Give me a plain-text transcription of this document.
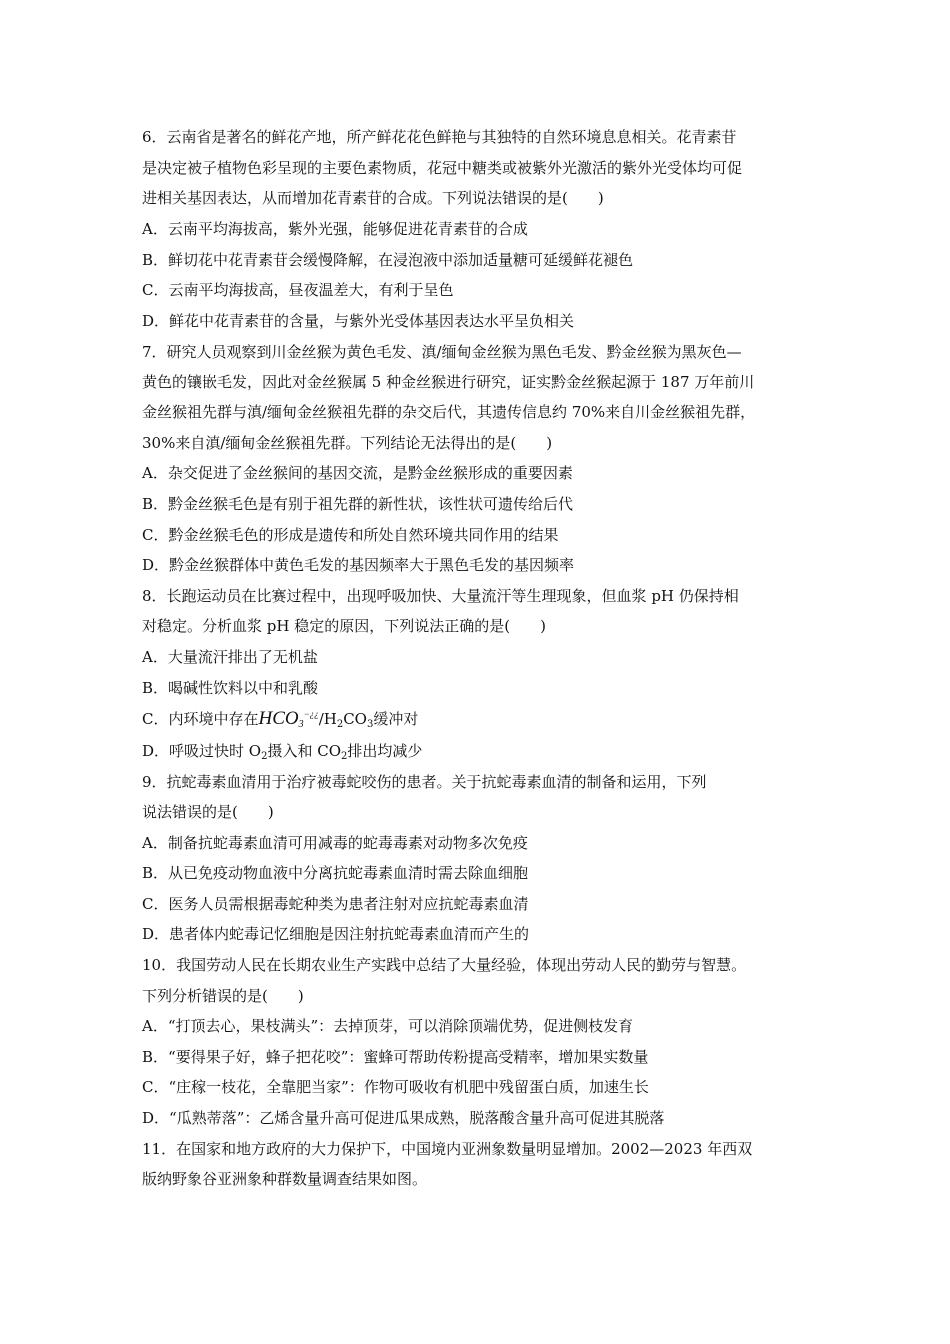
6．云南省是著名的鲜花产地，所产鲜花花色鲜艳与其独特的自然环境息息相关。花青素苷
是决定被子植物色彩呈现的主要色素物质，花冠中糖类或被紫外光激活的紫外光受体均可促
进相关基因表达，从而增加花青素苷的合成。下列说法错误的是(　　)
A．云南平均海拔高，紫外光强，能够促进花青素苷的合成
B．鲜切花中花青素苷会缓慢降解，在浸泡液中添加适量糖可延缓鲜花褪色
C．云南平均海拔高，昼夜温差大，有利于呈色
D．鲜花中花青素苷的含量，与紫外光受体基因表达水平呈负相关
7．研究人员观察到川金丝猴为黄色毛发、滇/缅甸金丝猴为黑色毛发、黔金丝猴为黑灰色—
黄色的镶嵌毛发，因此对金丝猴属 5 种金丝猴进行研究，证实黔金丝猴起源于 187 万年前川
金丝猴祖先群与滇/缅甸金丝猴祖先群的杂交后代，其遗传信息约 70%来自川金丝猴祖先群，
30%来自滇/缅甸金丝猴祖先群。下列结论无法得出的是(　　)
A．杂交促进了金丝猴间的基因交流，是黔金丝猴形成的重要因素
B．黔金丝猴毛色是有别于祖先群的新性状，该性状可遗传给后代
C．黔金丝猴毛色的形成是遗传和所处自然环境共同作用的结果
D．黔金丝猴群体中黄色毛发的基因频率大于黑色毛发的基因频率
8．长跑运动员在比赛过程中，出现呼吸加快、大量流汗等生理现象，但血浆 pH 仍保持相
对稳定。分析血浆 pH 稳定的原因，下列说法正确的是(　　)
A．大量流汗排出了无机盐
B．喝碱性饮料以中和乳酸
C．内环境中存在$HCO_3^{-¿¿}/H_2CO_3$缓冲对
D．呼吸过快时 $O_2$摄入和 $CO_2$排出均减少
9．抗蛇毒素血清用于治疗被毒蛇咬伤的患者。关于抗蛇毒素血清的制备和运用，下列
说法错误的是(　　)
A．制备抗蛇毒素血清可用减毒的蛇毒毒素对动物多次免疫
B．从已免疫动物血液中分离抗蛇毒素血清时需去除血细胞
C．医务人员需根据毒蛇种类为患者注射对应抗蛇毒素血清
D．患者体内蛇毒记忆细胞是因注射抗蛇毒素血清而产生的
10．我国劳动人民在长期农业生产实践中总结了大量经验，体现出劳动人民的勤劳与智慧。
下列分析错误的是(　　)
A．“打顶去心，果枝满头”：去掉顶芽，可以消除顶端优势，促进侧枝发育
B．“要得果子好，蜂子把花咬”：蜜蜂可帮助传粉提高受精率，增加果实数量
C．“庄稼一枝花，全靠肥当家”：作物可吸收有机肥中残留蛋白质，加速生长
D．“瓜熟蒂落”：乙烯含量升高可促进瓜果成熟，脱落酸含量升高可促进其脱落
11．在国家和地方政府的大力保护下，中国境内亚洲象数量明显增加。2002—2023 年西双
版纳野象谷亚洲象种群数量调查结果如图。
